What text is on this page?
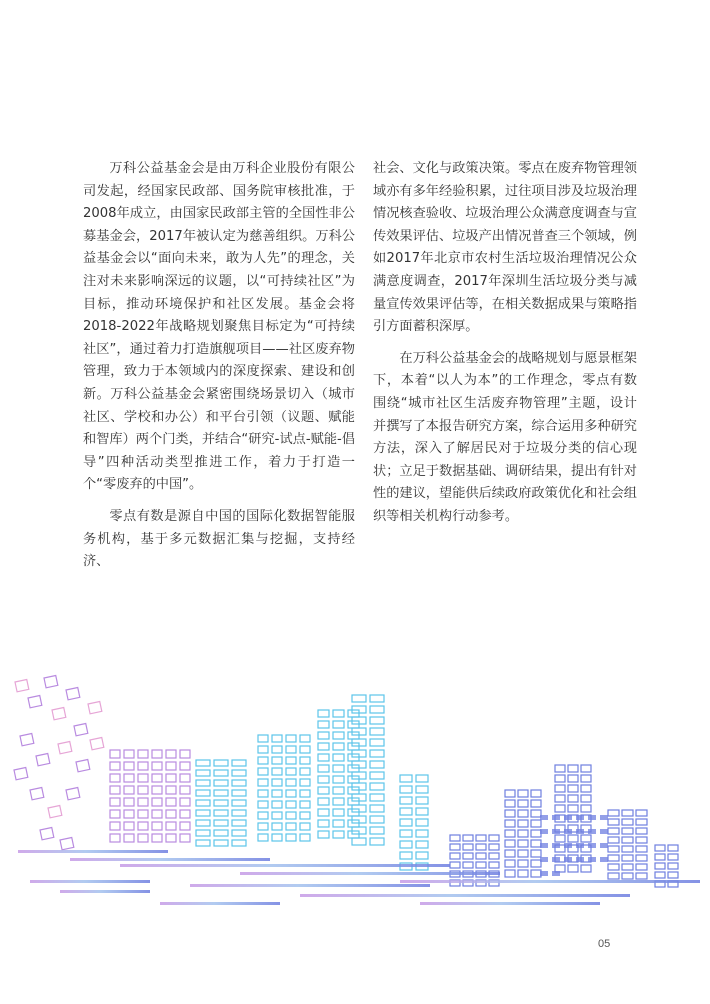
万科公益基金会是由万科企业股份有限公司发起，经国家民政部、国务院审核批准，于2008年成立，由国家民政部主管的全国性非公募基金会，2017年被认定为慈善组织。万科公益基金会以“面向未来，敢为人先”的理念，关注对未来影响深远的议题，以“可持续社区”为目标，推动环境保护和社区发展。基金会将2018-2022年战略规划聚焦目标定为“可持续社区”，通过着力打造旗舰项目——社区废弃物管理，致力于本领域内的深度探索、建设和创新。万科公益基金会紧密围绕场景切入（城市社区、学校和办公）和平台引领（议题、赋能和智库）两个门类，并结合“研究-试点-赋能-倡导”四种活动类型推进工作，着力于打造一个“零废弃的中国”。

零点有数是源自中国的国际化数据智能服务机构，基于多元数据汇集与挖掘，支持经济、

社会、文化与政策决策。零点在废弃物管理领域亦有多年经验积累，过往项目涉及垃圾治理情况核查验收、垃圾治理公众满意度调查与宣传效果评估、垃圾产出情况普查三个领域，例如2017年北京市农村生活垃圾治理情况公众满意度调查，2017年深圳生活垃圾分类与减量宣传效果评估等，在相关数据成果与策略指引方面蓄积深厚。

在万科公益基金会的战略规划与愿景框架下，本着“以人为本”的工作理念，零点有数围绕“城市社区生活废弃物管理”主题，设计并撰写了本报告研究方案，综合运用多种研究方法，深入了解居民对于垃圾分类的信心现状；立足于数据基础、调研结果，提出有针对性的建议，望能供后续政府政策优化和社会组织等相关机构行动参考。

05
